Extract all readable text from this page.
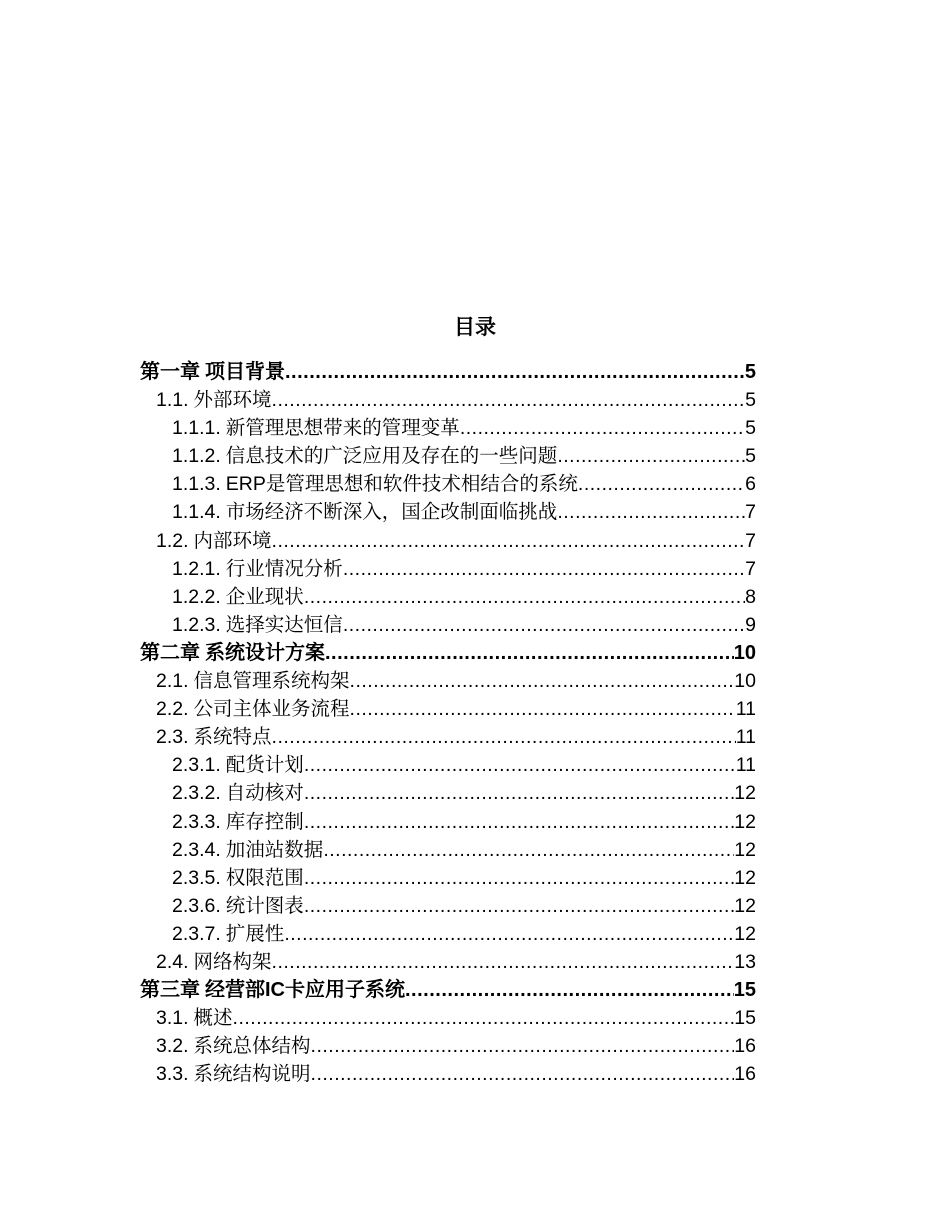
目录
第一章 项目背景 .....	5
1.1. 外部环境 .....	5
1.1.1. 新管理思想带来的管理变革 .....	5
1.1.2. 信息技术的广泛应用及存在的一些问题 .....	5
1.1.3. ERP是管理思想和软件技术相结合的系统 .....	6
1.1.4. 市场经济不断深入，国企改制面临挑战 .....	7
1.2. 内部环境 .....	7
1.2.1. 行业情况分析 .....	7
1.2.2. 企业现状 .....	8
1.2.3. 选择实达恒信 .....	9
第二章 系统设计方案 .....	10
2.1. 信息管理系统构架 .....	10
2.2. 公司主体业务流程 .....	11
2.3. 系统特点 .....	11
2.3.1. 配货计划 .....	11
2.3.2. 自动核对 .....	12
2.3.3. 库存控制 .....	12
2.3.4. 加油站数据 .....	12
2.3.5. 权限范围 .....	12
2.3.6. 统计图表 .....	12
2.3.7. 扩展性 .....	12
2.4. 网络构架 .....	13
第三章 经营部IC卡应用子系统 .....	15
3.1. 概述 .....	15
3.2. 系统总体结构 .....	16
3.3. 系统结构说明 .....	16
